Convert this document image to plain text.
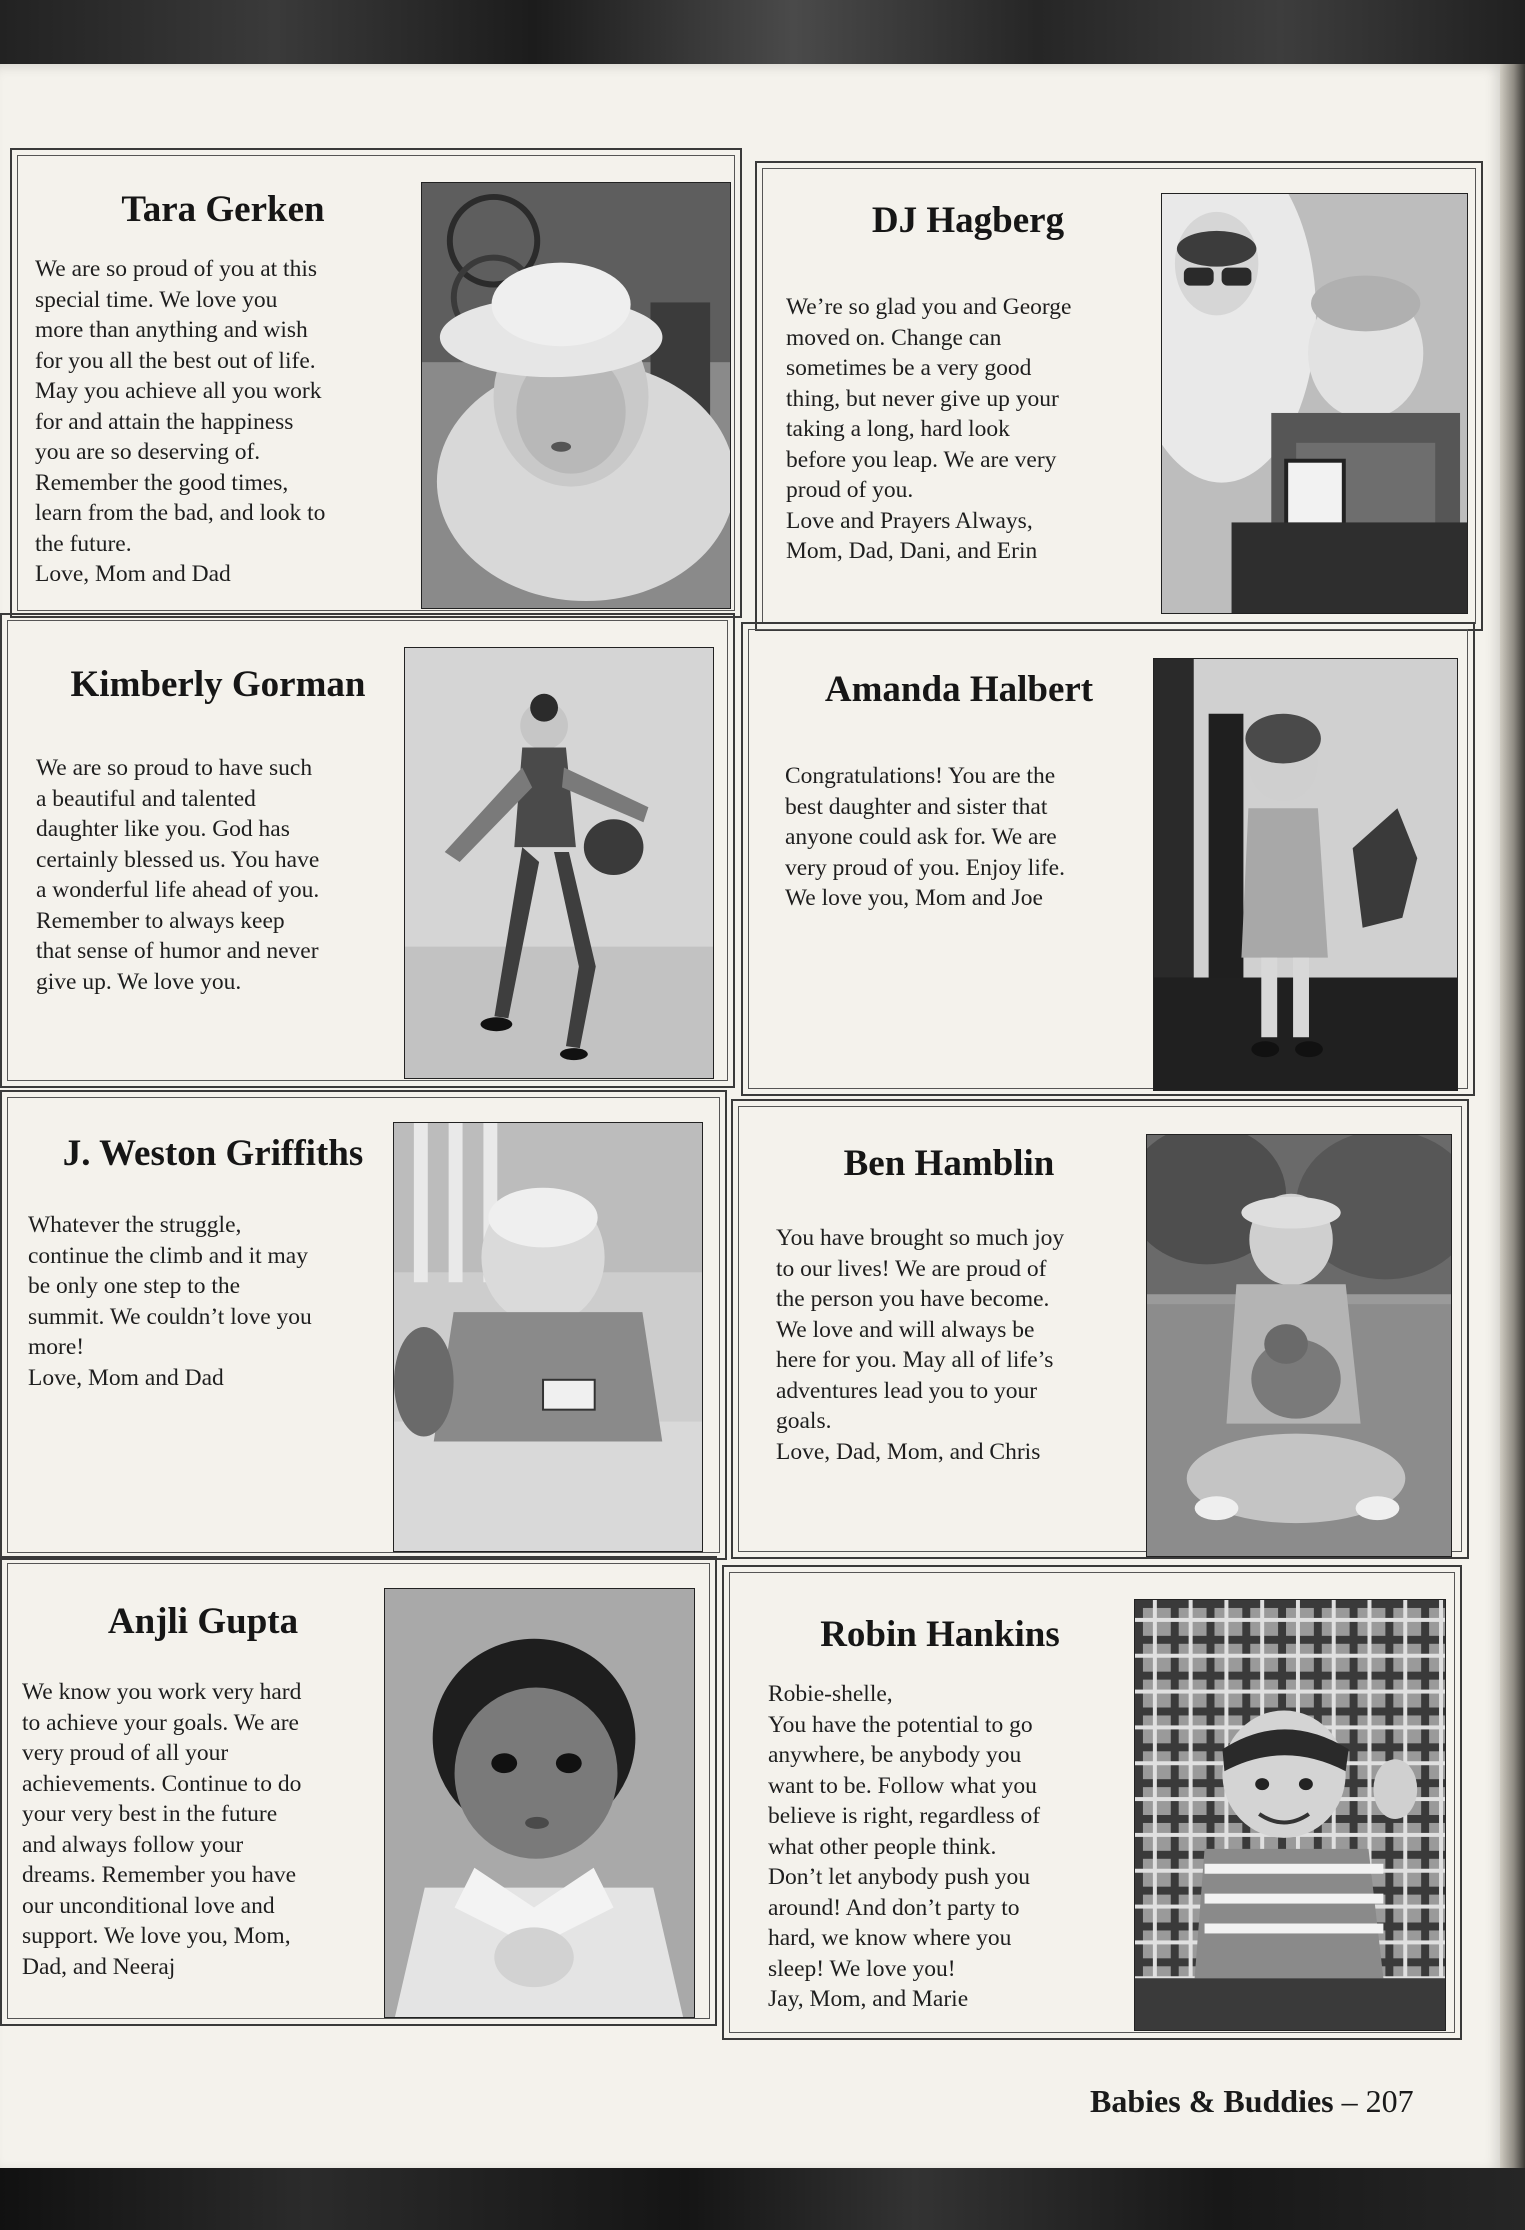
Tara Gerken

We are so proud of you at this
special time. We love you
more than anything and wish
for you all the best out of life.
May you achieve all you work
for and attain the happiness
you are so deserving of.
Remember the good times,
learn from the bad, and look to
the future.
Love, Mom and Dad

DJ Hagberg

We’re so glad you and George
moved on. Change can
sometimes be a very good
thing, but never give up your
taking a long, hard look
before you leap. We are very
proud of you.
Love and Prayers Always,
Mom, Dad, Dani, and Erin

Kimberly Gorman

We are so proud to have such
a beautiful and talented
daughter like you. God has
certainly blessed us. You have
a wonderful life ahead of you.
Remember to always keep
that sense of humor and never
give up. We love you.

Amanda Halbert

Congratulations! You are the
best daughter and sister that
anyone could ask for. We are
very proud of you. Enjoy life.
We love you, Mom and Joe

J. Weston Griffiths

Whatever the struggle,
continue the climb and it may
be only one step to the
summit. We couldn’t love you
more!
Love, Mom and Dad

Ben Hamblin

You have brought so much joy
to our lives! We are proud of
the person you have become.
We love and will always be
here for you. May all of life’s
adventures lead you to your
goals.
Love, Dad, Mom, and Chris

Anjli Gupta

We know you work very hard
to achieve your goals. We are
very proud of all your
achievements. Continue to do
your very best in the future
and always follow your
dreams. Remember you have
our unconditional love and
support. We love you, Mom,
Dad, and Neeraj

Robin Hankins

Robie-shelle,
You have the potential to go
anywhere, be anybody you
want to be. Follow what you
believe is right, regardless of
what other people think.
Don’t let anybody push you
around! And don’t party to
hard, we know where you
sleep! We love you!
Jay, Mom, and Marie

Babies & Buddies – 207
